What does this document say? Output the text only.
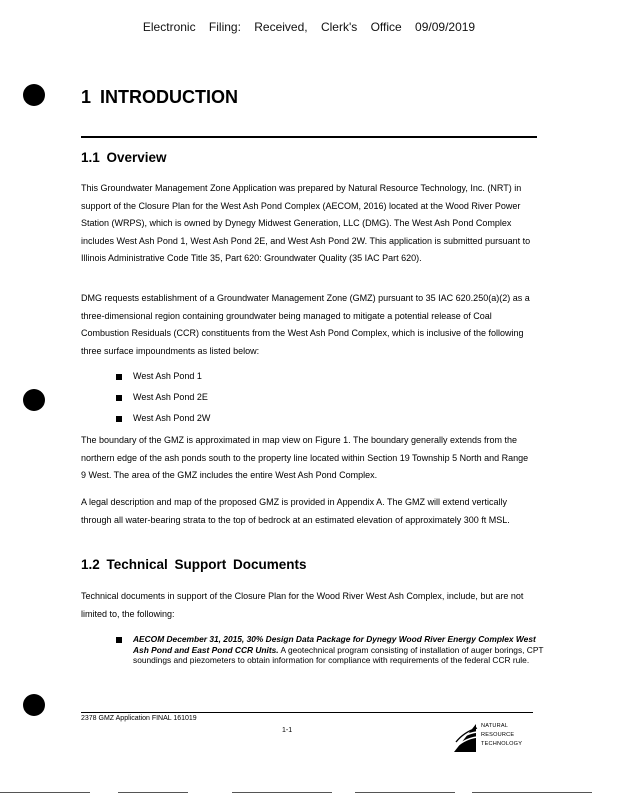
Electronic Filing: Received, Clerk's Office 09/09/2019
1 INTRODUCTION
1.1 Overview

This Groundwater Management Zone Application was prepared by Natural Resource Technology, Inc. (NRT) in support of the Closure Plan for the West Ash Pond Complex (AECOM, 2016) located at the Wood River Power Station (WRPS), which is owned by Dynegy Midwest Generation, LLC (DMG). The West Ash Pond Complex includes West Ash Pond 1, West Ash Pond 2E, and West Ash Pond 2W. This application is submitted pursuant to Illinois Administrative Code Title 35, Part 620: Groundwater Quality (35 IAC Part 620).

DMG requests establishment of a Groundwater Management Zone (GMZ) pursuant to 35 IAC 620.250(a)(2) as a three-dimensional region containing groundwater being managed to mitigate a potential release of Coal Combustion Residuals (CCR) constituents from the West Ash Pond Complex, which is inclusive of the following three surface impoundments as listed below:

West Ash Pond 1
West Ash Pond 2E
West Ash Pond 2W

The boundary of the GMZ is approximated in map view on Figure 1. The boundary generally extends from the northern edge of the ash ponds south to the property line located within Section 19 Township 5 North and Range 9 West. The area of the GMZ includes the entire West Ash Pond Complex.

A legal description and map of the proposed GMZ is provided in Appendix A. The GMZ will extend vertically through all water-bearing strata to the top of bedrock at an estimated elevation of approximately 300 ft MSL.

1.2 Technical Support Documents

Technical documents in support of the Closure Plan for the Wood River West Ash Complex, include, but are not limited to, the following:

AECOM December 31, 2015, 30% Design Data Package for Dynegy Wood River Energy Complex West Ash Pond and East Pond CCR Units. A geotechnical program consisting of installation of auger borings, CPT soundings and piezometers to obtain information for compliance with requirements of the federal CCR rule.
2378 GMZ Application FINAL 161019
1-1
NATURAL
RESOURCE
TECHNOLOGY
